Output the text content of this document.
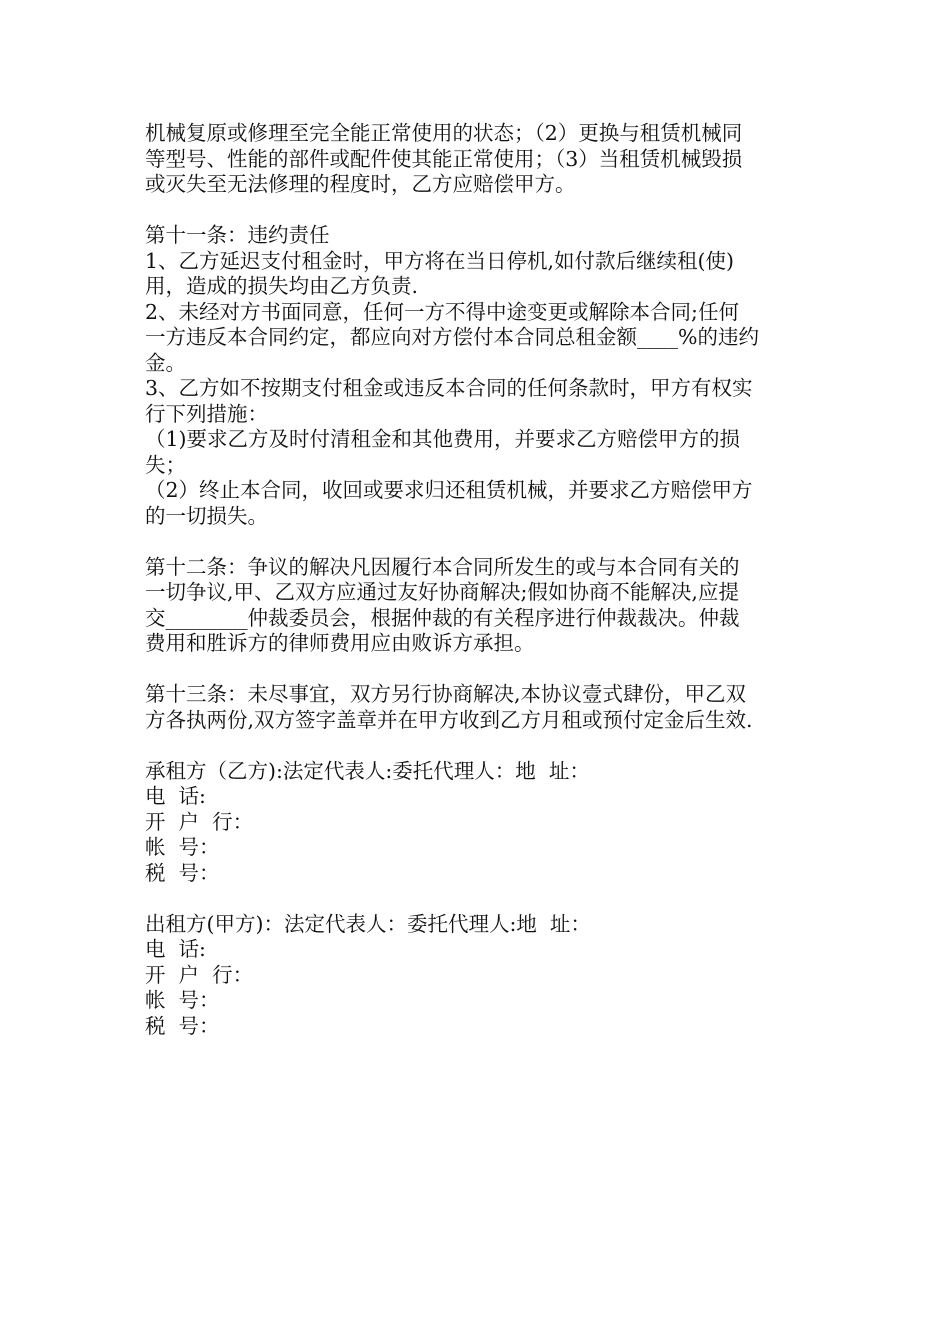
机械复原或修理至完全能正常使用的状态；（2）更换与租赁机械同
等型号、性能的部件或配件使其能正常使用；（3）当租赁机械毁损
或灭失至无法修理的程度时，乙方应赔偿甲方。
第十一条：违约责任
1、乙方延迟支付租金时，甲方将在当日停机,如付款后继续租(使)
用，造成的损失均由乙方负责.
2、未经对方书面同意，任何一方不得中途变更或解除本合同;任何
一方违反本合同约定，都应向对方偿付本合同总租金额____%的违约
金。
3、乙方如不按期支付租金或违反本合同的任何条款时，甲方有权实
行下列措施：
（1)要求乙方及时付清租金和其他费用，并要求乙方赔偿甲方的损
失；
（2）终止本合同，收回或要求归还租赁机械，并要求乙方赔偿甲方
的一切损失。
第十二条：争议的解决凡因履行本合同所发生的或与本合同有关的
一切争议,甲、乙双方应通过友好协商解决;假如协商不能解决,应提
交________仲裁委员会，根据仲裁的有关程序进行仲裁裁决。仲裁
费用和胜诉方的律师费用应由败诉方承担。
第十三条：未尽事宜，双方另行协商解决,本协议壹式肆份，甲乙双
方各执两份,双方签字盖章并在甲方收到乙方月租或预付定金后生效.
承租方（乙方):法定代表人:委托代理人：地  址：
电  话:
开  户  行：
帐  号：
税  号：
出租方(甲方)：法定代表人：委托代理人:地  址：
电  话:
开  户  行：
帐  号：
税  号：
